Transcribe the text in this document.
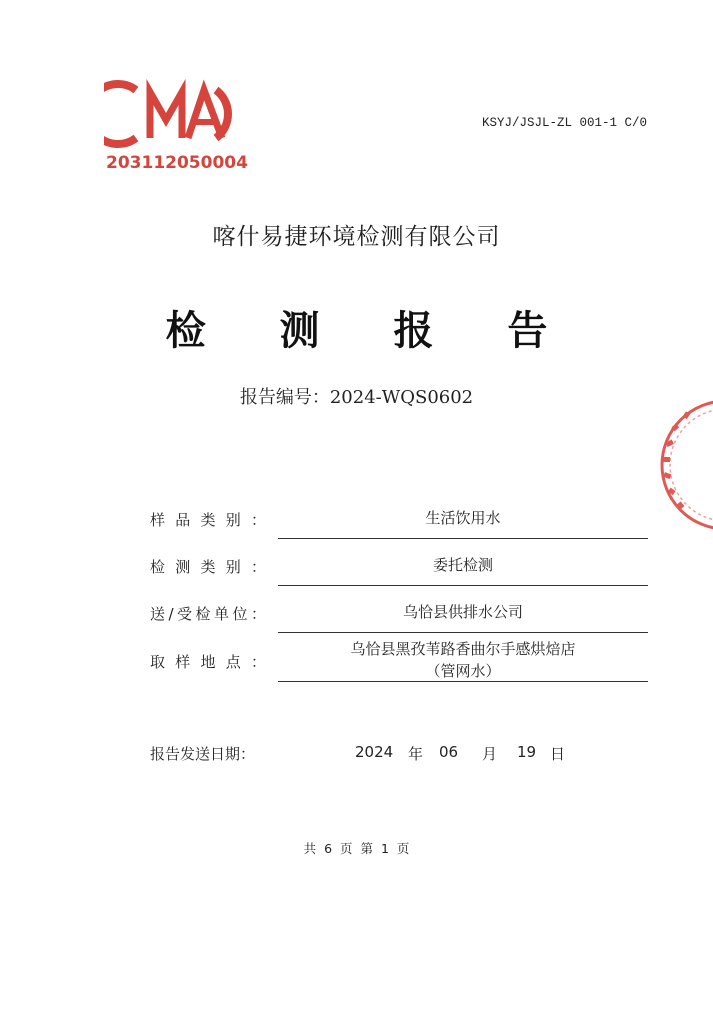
203112050004
KSYJ/JSJL-ZL 001-1 C/0
喀什易捷环境检测有限公司
检 测 报 告
报告编号：2024-WQS0602
样品类别：	生活饮用水
检测类别：	委托检测
送/受检单位：	乌恰县供排水公司
取样地点：
乌恰县黑孜苇路香曲尔手感烘焙店
（管网水）
报告发送日期：	2024 年 06 月 19 日
共 6 页 第 1 页
